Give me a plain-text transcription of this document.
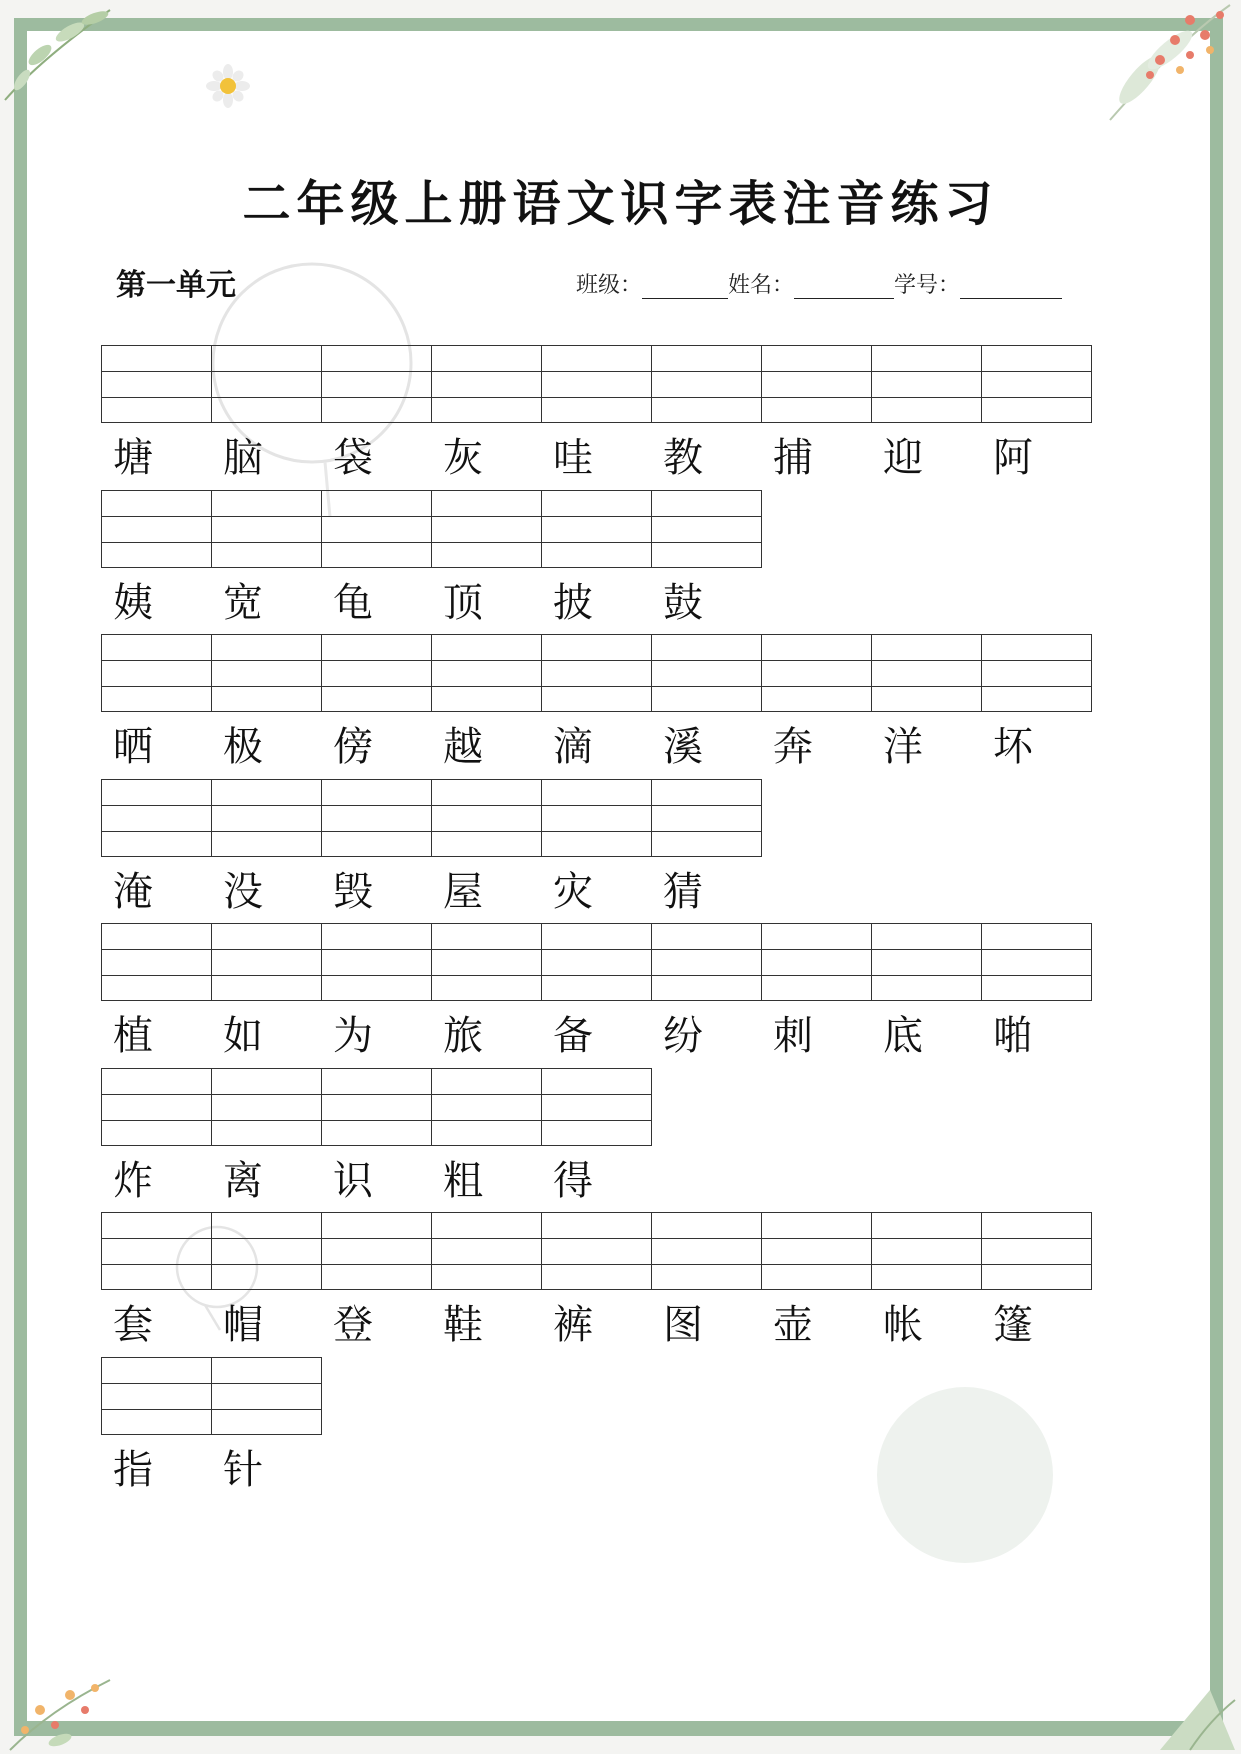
二年级上册语文识字表注音练习
第一单元	班级：	姓名：	学号：
塘	脑	袋	灰	哇	教	捕	迎	阿
姨	宽	龟	顶	披	鼓
晒	极	傍	越	滴	溪	奔	洋	坏
淹	没	毁	屋	灾	猜
植	如	为	旅	备	纷	刺	底	啪
炸	离	识	粗	得
套	帽	登	鞋	裤	图	壶	帐	篷
指	针
